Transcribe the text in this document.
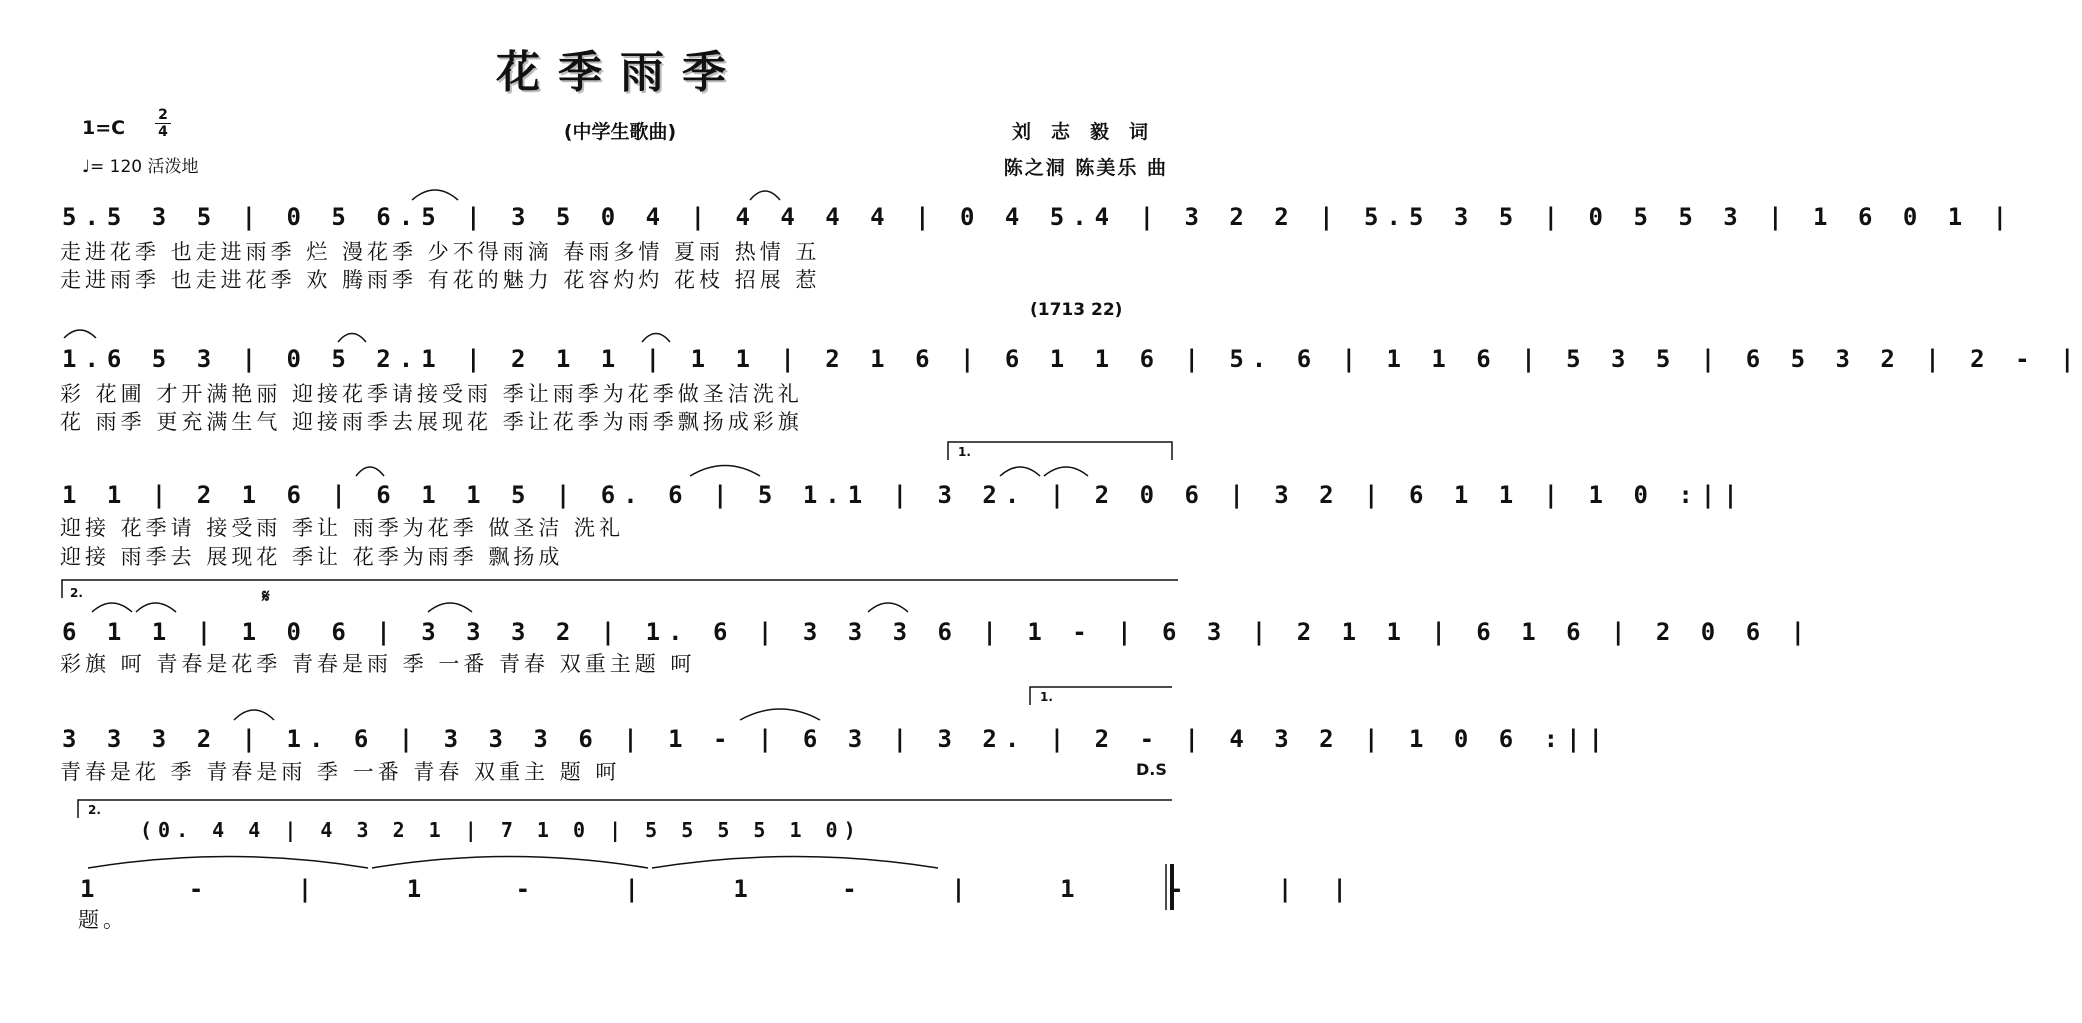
花季雨季
1=C
2
4
♩= 120 活泼地
(中学生歌曲)	刘志毅词
陈之洞 陈美乐 曲
5.5 3 5 | 0 5 6.5 | 3 5 0 4 | 4 4 4 4 | 0 4 5.4 | 3 2 2 | 5.5 3 5 | 0 5 5 3 | 1 6 0 1 |
走进花季 也走进雨季 烂 漫花季 少不得雨滴 春雨多情 夏雨 热情 五
走进雨季 也走进花季 欢 腾雨季 有花的魅力 花容灼灼 花枝 招展 惹
(1713 22)
1.6 5 3 | 0 5 2.1 | 2 1 1 | 1 1 | 2 1 6 | 6 1 1 6 | 5. 6 | 1 1 6 | 5 3 5 | 6 5 3 2 | 2 - |
彩 花圃 才开满艳丽 迎接花季请接受雨 季让雨季为花季做圣洁洗礼
花 雨季 更充满生气 迎接雨季去展现花 季让花季为雨季飘扬成彩旗
1.
1 1 | 2 1 6 | 6 1 1 5 | 6. 6 | 5 1.1 | 3 2. | 2 0 6 | 3 2 | 6 1 1 | 1 0 :||
迎接 花季请 接受雨 季让 雨季为花季 做圣洁 洗礼
迎接 雨季去 展现花 季让 花季为雨季 飘扬成
2.	𝄋
6 1 1 | 1 0 6 | 3 3 3 2 | 1. 6 | 3 3 3 6 | 1 - | 6 3 | 2 1 1 | 6 1 6 | 2 0 6 |
彩旗 呵 青春是花季 青春是雨 季 一番 青春 双重主题 呵
1.
3 3 3 2 | 1. 6 | 3 3 3 6 | 1 - | 6 3 | 3 2. | 2 - | 4 3 2 | 1 0 6 :||
青春是花 季 青春是雨 季 一番 青春 双重主 题 呵	D.S
2.
(0. 4 4 | 4 3 2 1 | 7 1 0 | 5 5 5 5 1 0)
1 - | 1 - | 1 - | 1 - ||
题。
